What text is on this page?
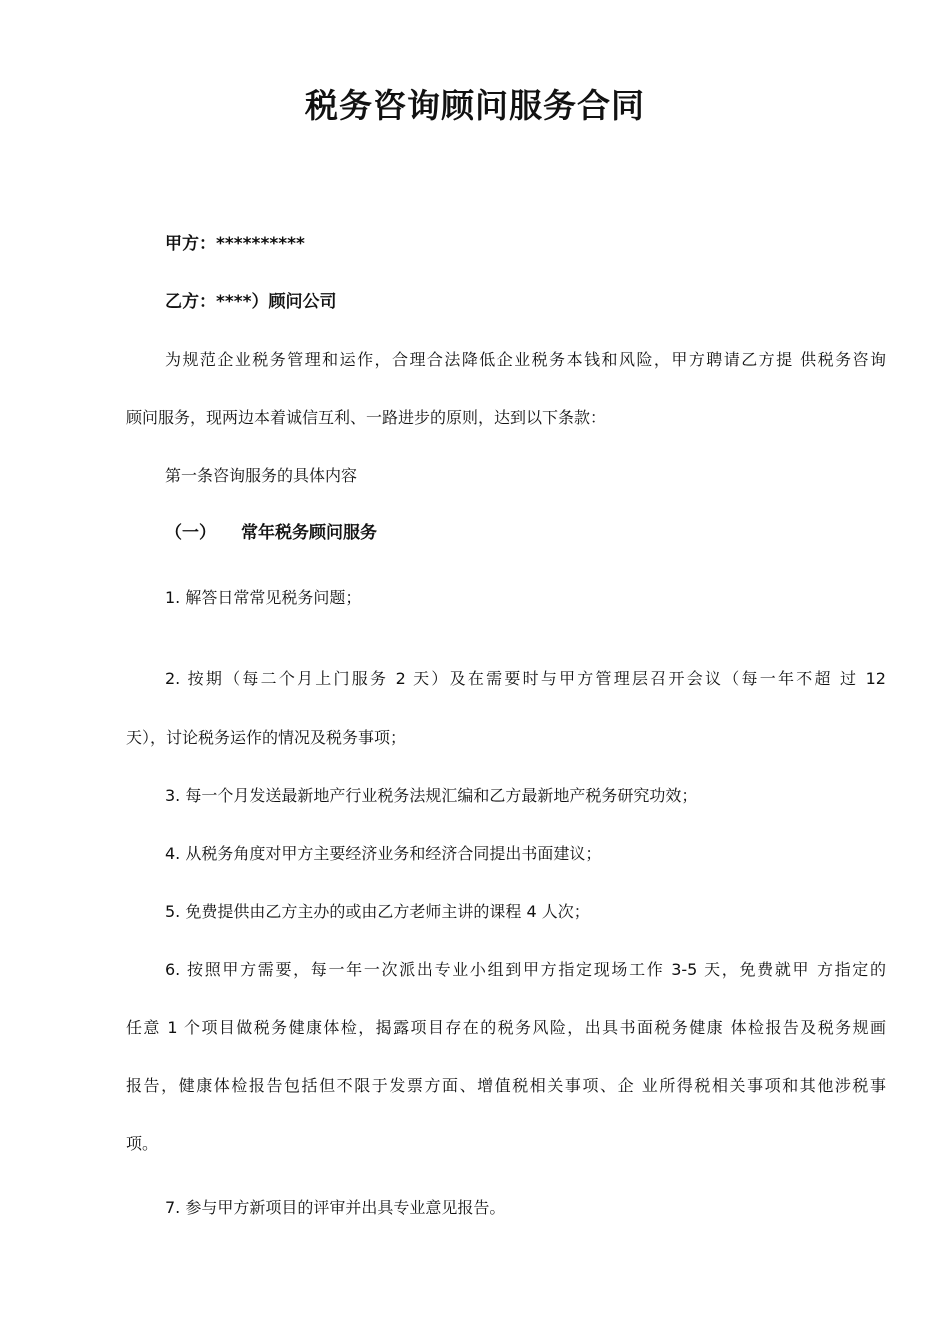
税务咨询顾问服务合同

甲方：**********

乙方：****）顾问公司

为规范企业税务管理和运作，合理合法降低企业税务本钱和风险，甲方聘请乙方提 供税务咨询

顾问服务，现两边本着诚信互利、一路进步的原则，达到以下条款：

第一条咨询服务的具体内容

（一） 常年税务顾问服务

1. 解答日常常见税务问题；

2. 按期（每二个月上门服务 2 天）及在需要时与甲方管理层召开会议（每一年不超 过 12

天），讨论税务运作的情况及税务事项；

3. 每一个月发送最新地产行业税务法规汇编和乙方最新地产税务研究功效；

4. 从税务角度对甲方主要经济业务和经济合同提出书面建议；

5. 免费提供由乙方主办的或由乙方老师主讲的课程 4 人次；

6. 按照甲方需要，每一年一次派出专业小组到甲方指定现场工作 3-5 天，免费就甲 方指定的

任意 1 个项目做税务健康体检，揭露项目存在的税务风险，出具书面税务健康 体检报告及税务规画

报告，健康体检报告包括但不限于发票方面、增值税相关事项、企 业所得税相关事项和其他涉税事

项。

7. 参与甲方新项目的评审并出具专业意见报告。
